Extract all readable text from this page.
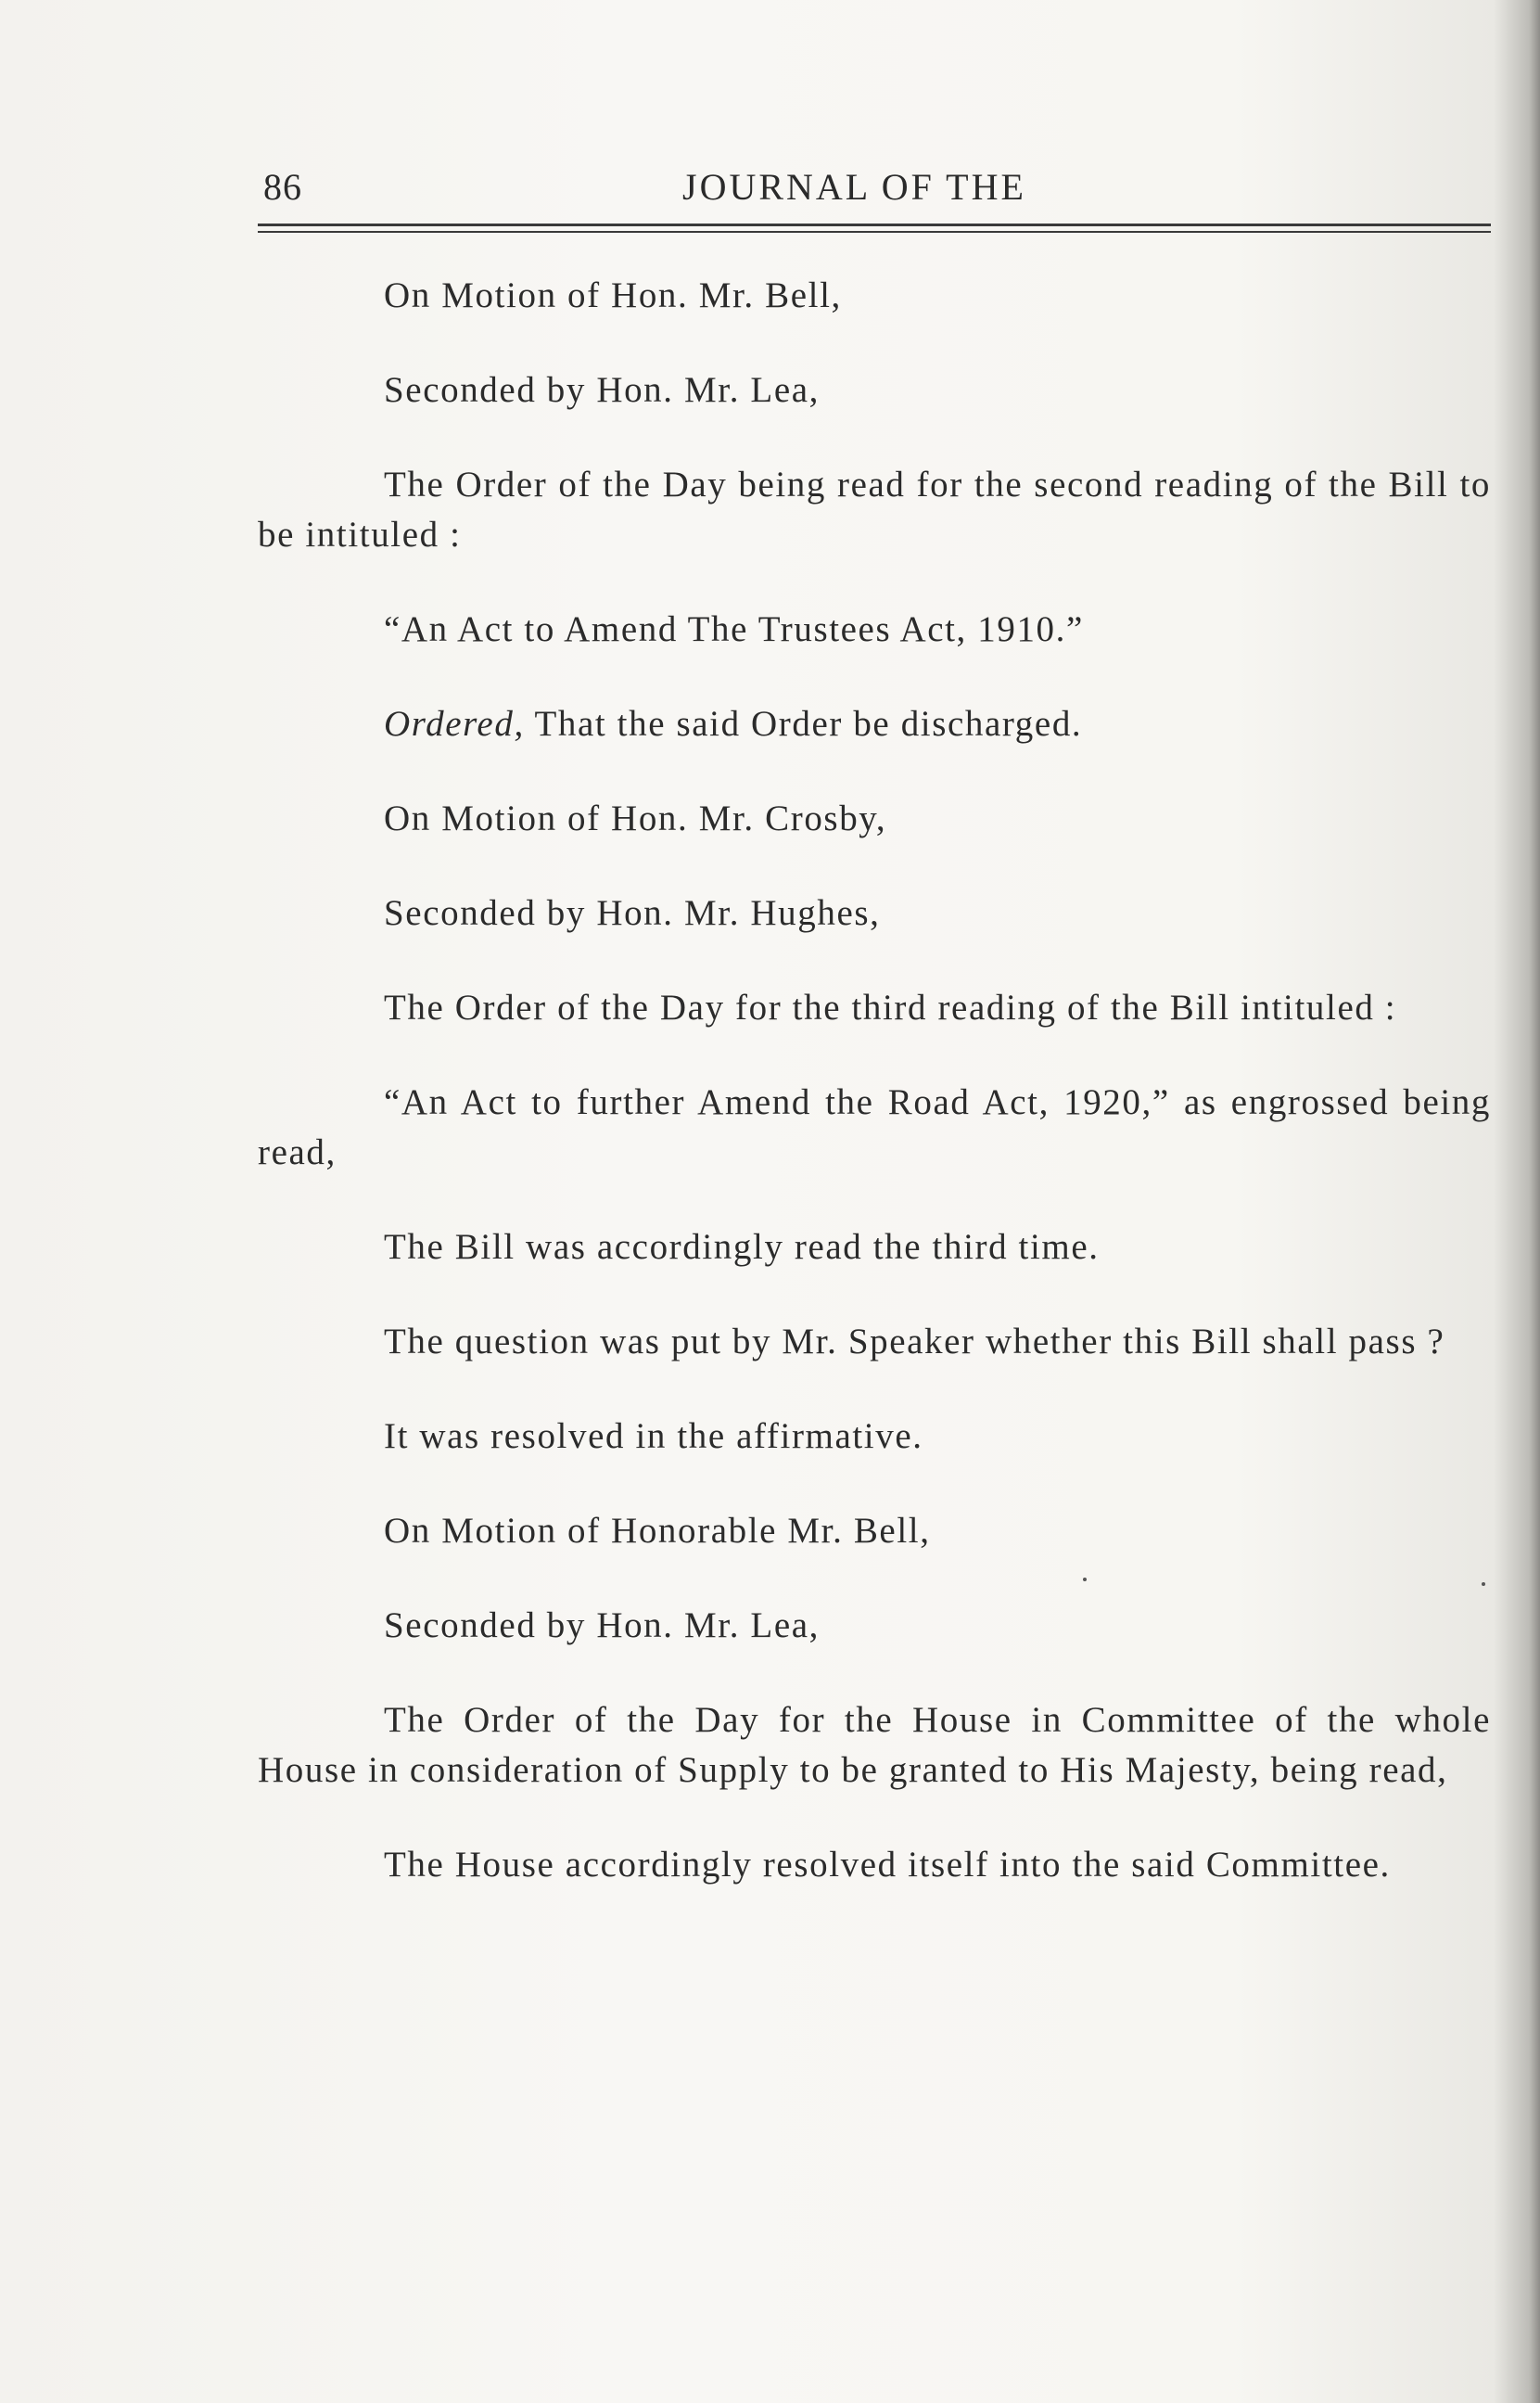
86	JOURNAL OF THE

On Motion of Hon. Mr. Bell,

Seconded by Hon. Mr. Lea,

The Order of the Day being read for the second reading of the Bill to be intituled :

“An Act to Amend The Trustees Act, 1910.”

Ordered, That the said Order be discharged.

On Motion of Hon. Mr. Crosby,

Seconded by Hon. Mr. Hughes,

The Order of the Day for the third reading of the Bill intituled :

“An Act to further Amend the Road Act, 1920,” as engrossed being read,

The Bill was accordingly read the third time.

The question was put by Mr. Speaker whether this Bill shall pass ?

It was resolved in the affirmative.

On Motion of Honorable Mr. Bell,

Seconded by Hon. Mr. Lea,

The Order of the Day for the House in Committee of the whole House in consideration of Supply to be granted to His Majesty, being read,

The House accordingly resolved itself into the said Committee.
